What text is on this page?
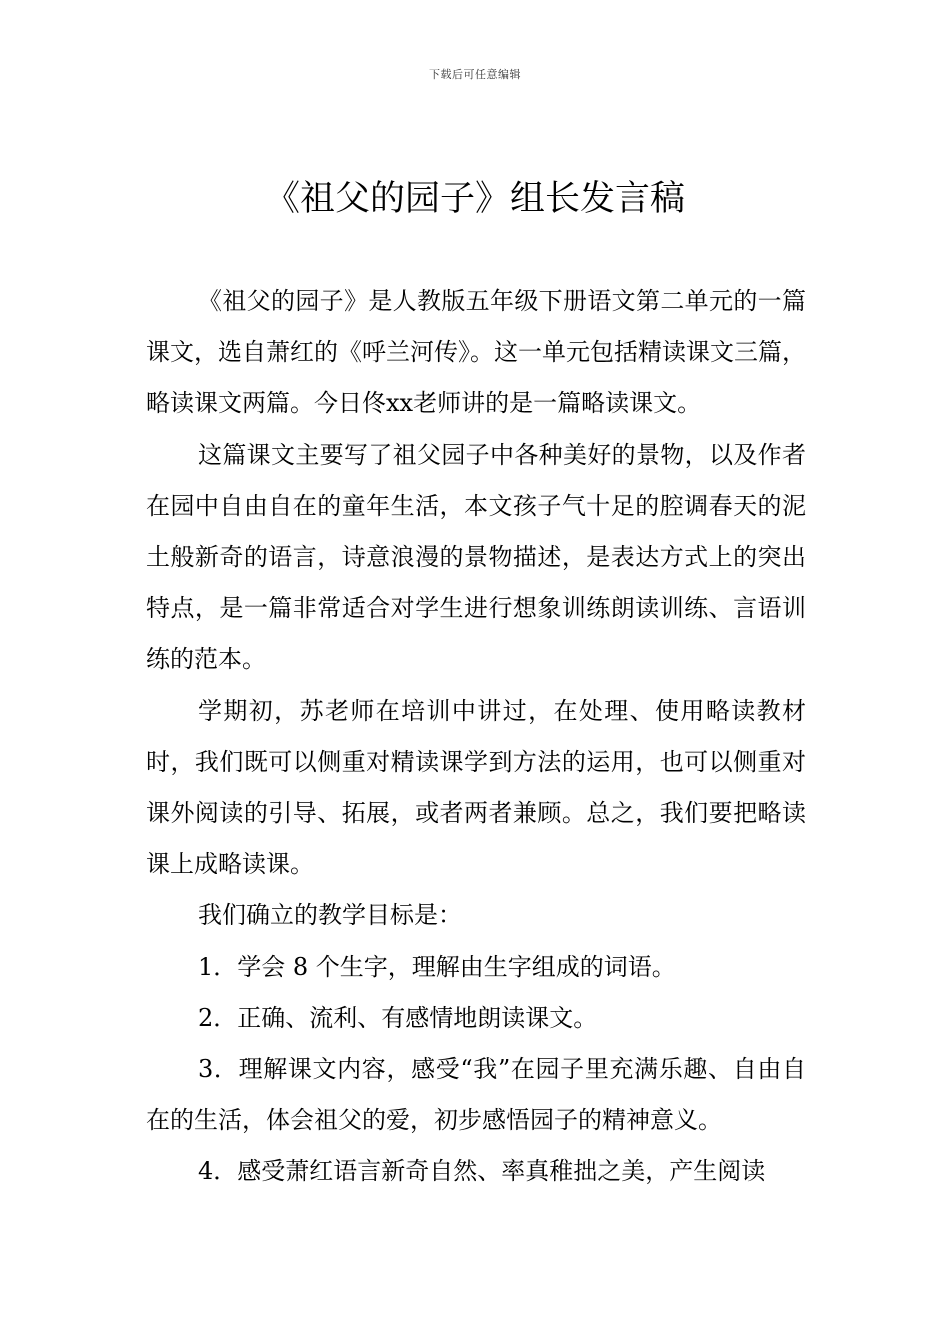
下载后可任意编辑
《祖父的园子》组长发言稿

《祖父的园子》是人教版五年级下册语文第二单元的一篇课文，选自萧红的《呼兰河传》。这一单元包括精读课文三篇，略读课文两篇。今日佟xx老师讲的是一篇略读课文。

这篇课文主要写了祖父园子中各种美好的景物，以及作者在园中自由自在的童年生活，本文孩子气十足的腔调春天的泥土般新奇的语言，诗意浪漫的景物描述，是表达方式上的突出特点，是一篇非常适合对学生进行想象训练朗读训练、言语训练的范本。

学期初，苏老师在培训中讲过，在处理、使用略读教材时，我们既可以侧重对精读课学到方法的运用，也可以侧重对课外阅读的引导、拓展，或者两者兼顾。总之，我们要把略读课上成略读课。

我们确立的教学目标是：

1．学会 8 个生字，理解由生字组成的词语。

2．正确、流利、有感情地朗读课文。

3．理解课文内容，感受“我”在园子里充满乐趣、自由自在的生活，体会祖父的爱，初步感悟园子的精神意义。

4．感受萧红语言新奇自然、率真稚拙之美，产生阅读
